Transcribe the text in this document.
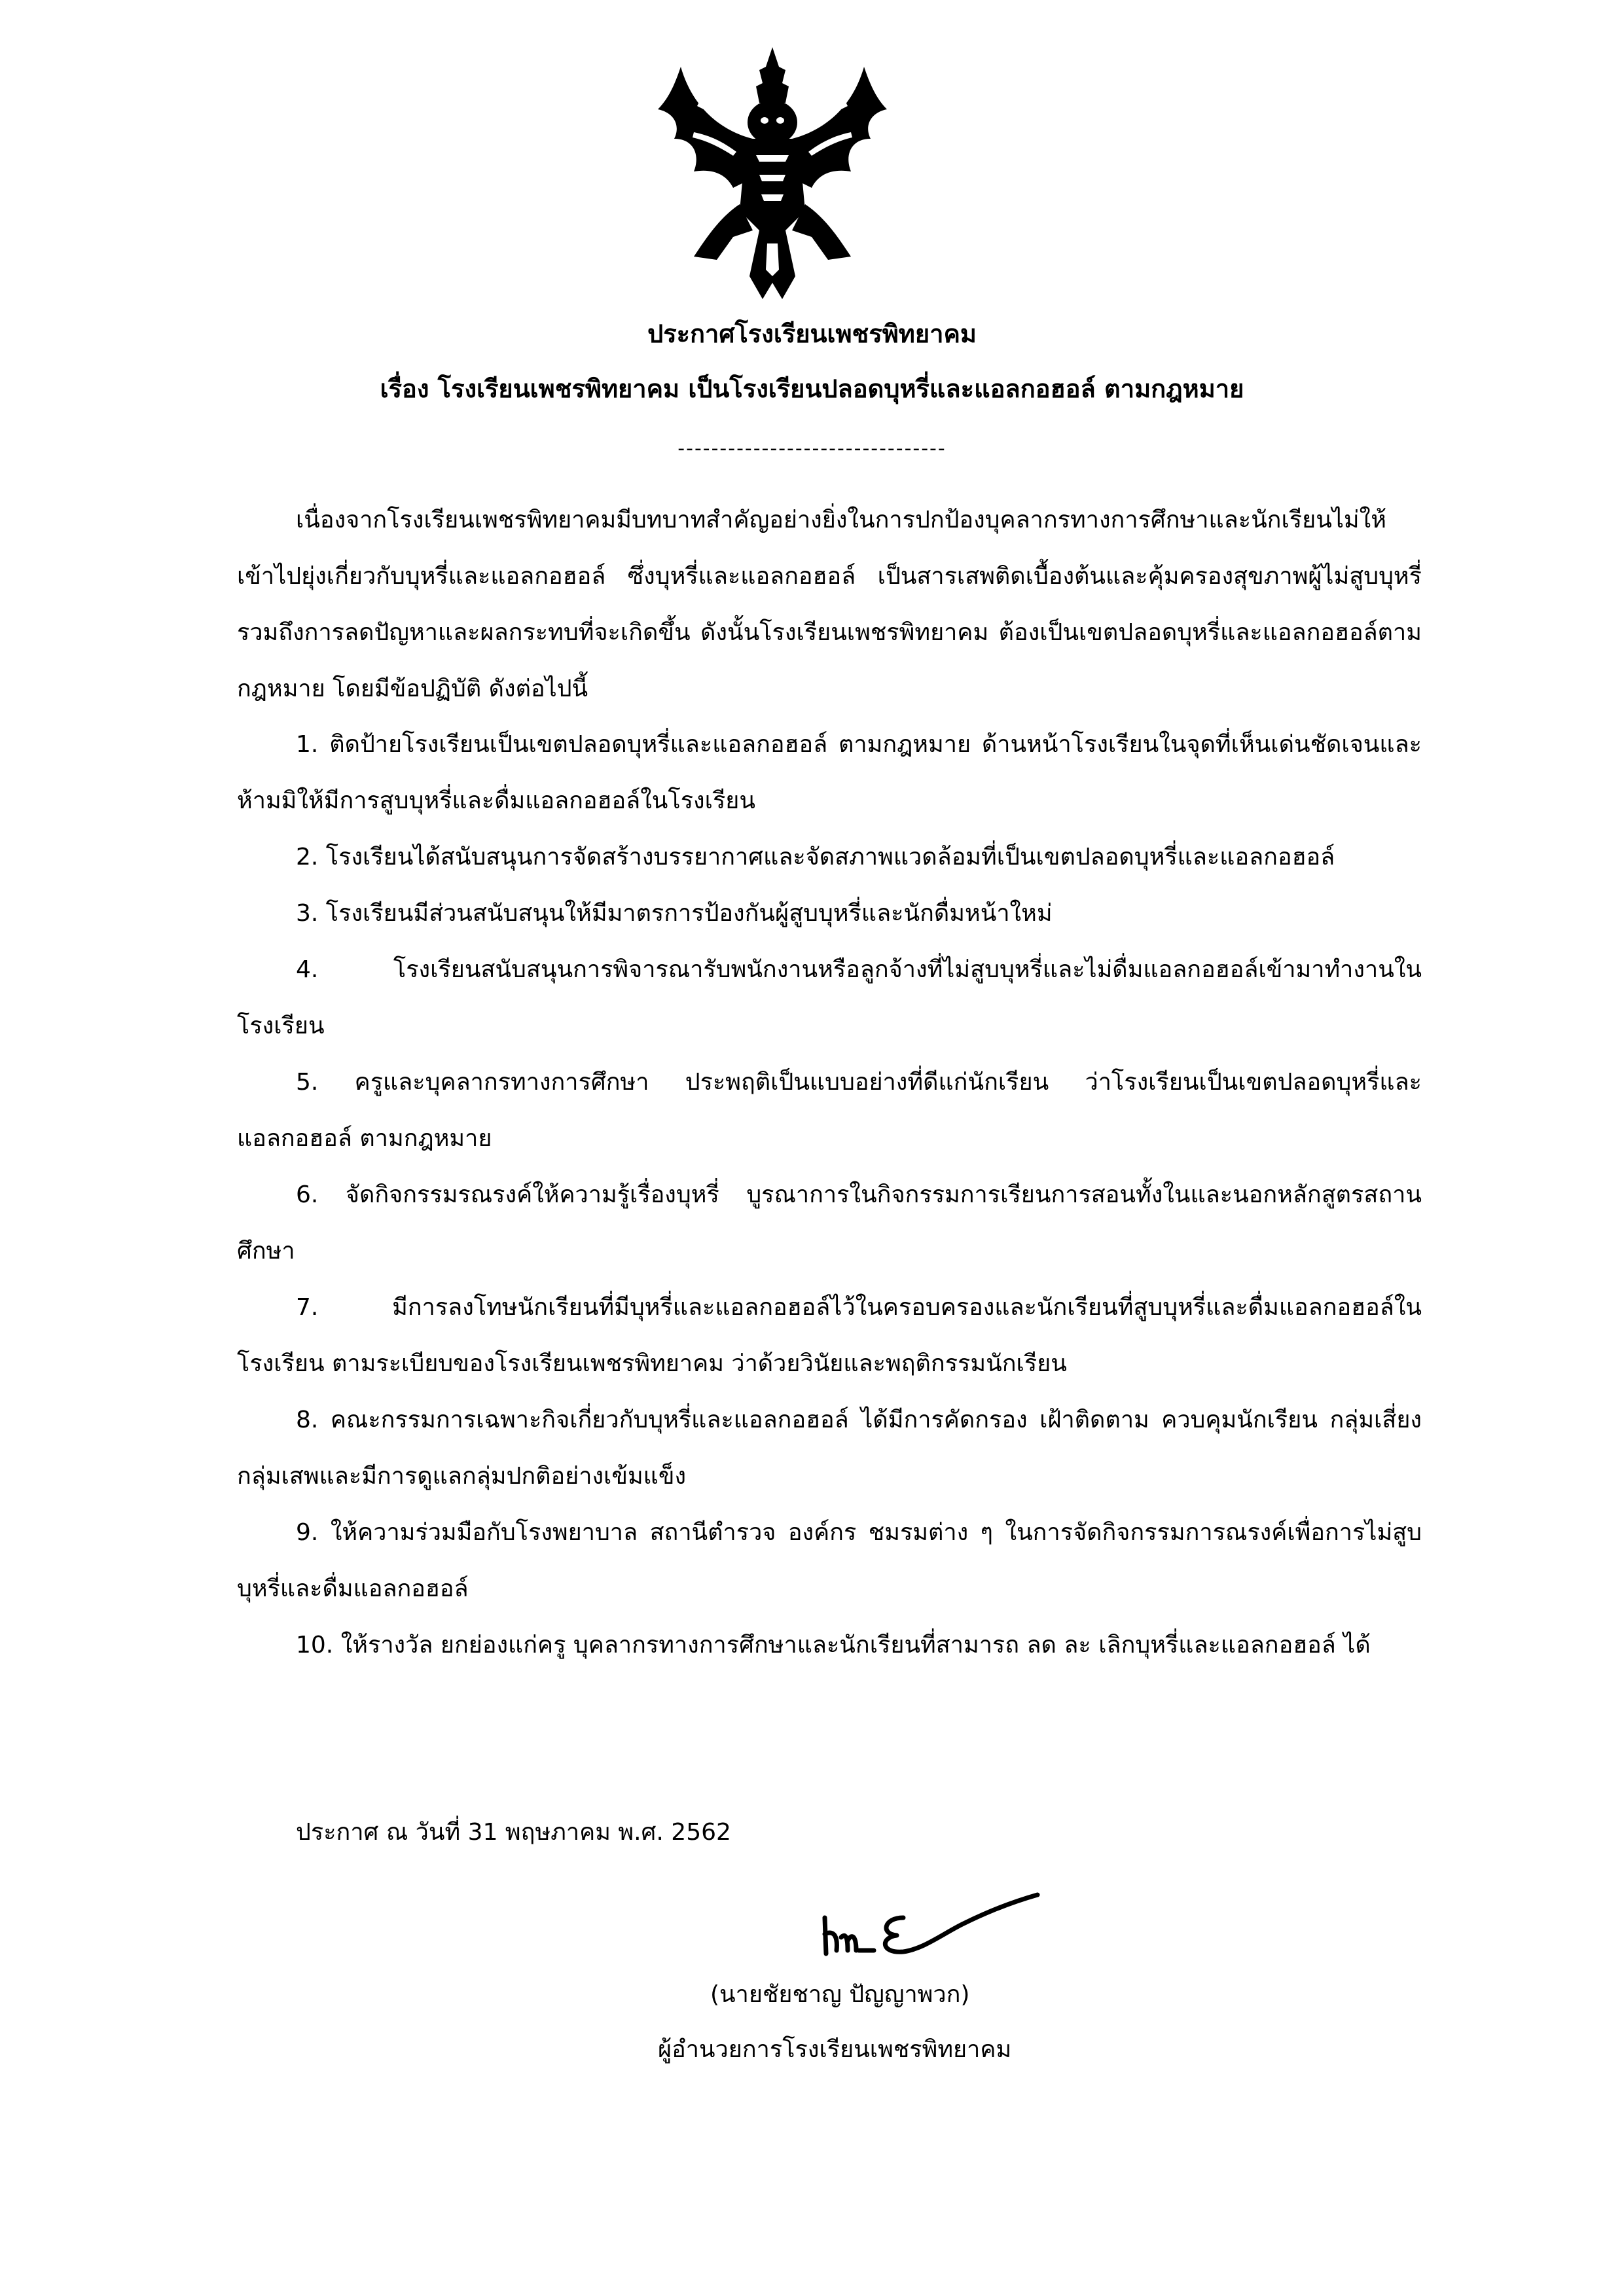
ประกาศโรงเรียนเพชรพิทยาคม
เรื่อง โรงเรียนเพชรพิทยาคม เป็นโรงเรียนปลอดบุหรี่และแอลกอฮอล์ ตามกฎหมาย
--------------------------------
เนื่องจากโรงเรียนเพชรพิทยาคมมีบทบาทสำคัญอย่างยิ่งในการปกป้องบุคลากรทางการศึกษาและนักเรียนไม่ให้เข้าไปยุ่งเกี่ยวกับบุหรี่และแอลกอฮอล์ ซึ่งบุหรี่และแอลกอฮอล์ เป็นสารเสพติดเบื้องต้นและคุ้มครองสุขภาพผู้ไม่สูบบุหรี่รวมถึงการลดปัญหาและผลกระทบที่จะเกิดขึ้น ดังนั้นโรงเรียนเพชรพิทยาคม ต้องเป็นเขตปลอดบุหรี่และแอลกอฮอล์ตามกฎหมาย โดยมีข้อปฏิบัติ ดังต่อไปนี้

1. ติดป้ายโรงเรียนเป็นเขตปลอดบุหรี่และแอลกอฮอล์ ตามกฎหมาย ด้านหน้าโรงเรียนในจุดที่เห็นเด่นชัดเจนและห้ามมิให้มีการสูบบุหรี่และดื่มแอลกอฮอล์ในโรงเรียน

2. โรงเรียนได้สนับสนุนการจัดสร้างบรรยากาศและจัดสภาพแวดล้อมที่เป็นเขตปลอดบุหรี่และแอลกอฮอล์

3. โรงเรียนมีส่วนสนับสนุนให้มีมาตรการป้องกันผู้สูบบุหรี่และนักดื่มหน้าใหม่

4. โรงเรียนสนับสนุนการพิจารณารับพนักงานหรือลูกจ้างที่ไม่สูบบุหรี่และไม่ดื่มแอลกอฮอล์เข้ามาทำงานในโรงเรียน

5. ครูและบุคลากรทางการศึกษา ประพฤติเป็นแบบอย่างที่ดีแก่นักเรียน ว่าโรงเรียนเป็นเขตปลอดบุหรี่และแอลกอฮอล์ ตามกฎหมาย

6. จัดกิจกรรมรณรงค์ให้ความรู้เรื่องบุหรี่ บูรณาการในกิจกรรมการเรียนการสอนทั้งในและนอกหลักสูตรสถานศึกษา

7. มีการลงโทษนักเรียนที่มีบุหรี่และแอลกอฮอล์ไว้ในครอบครองและนักเรียนที่สูบบุหรี่และดื่มแอลกอฮอล์ในโรงเรียน ตามระเบียบของโรงเรียนเพชรพิทยาคม ว่าด้วยวินัยและพฤติกรรมนักเรียน

8. คณะกรรมการเฉพาะกิจเกี่ยวกับบุหรี่และแอลกอฮอล์ ได้มีการคัดกรอง เฝ้าติดตาม ควบคุมนักเรียน กลุ่มเสี่ยง กลุ่มเสพและมีการดูแลกลุ่มปกติอย่างเข้มแข็ง

9. ให้ความร่วมมือกับโรงพยาบาล สถานีตำรวจ องค์กร ชมรมต่าง ๆ ในการจัดกิจกรรมการณรงค์เพื่อการไม่สูบบุหรี่และดื่มแอลกอฮอล์

10. ให้รางวัล ยกย่องแก่ครู บุคลากรทางการศึกษาและนักเรียนที่สามารถ ลด ละ เลิกบุหรี่และแอลกอฮอล์ ได้

ประกาศ ณ วันที่ 31 พฤษภาคม พ.ศ. 2562
(นายชัยชาญ ปัญญาพวก)
ผู้อำนวยการโรงเรียนเพชรพิทยาคม
